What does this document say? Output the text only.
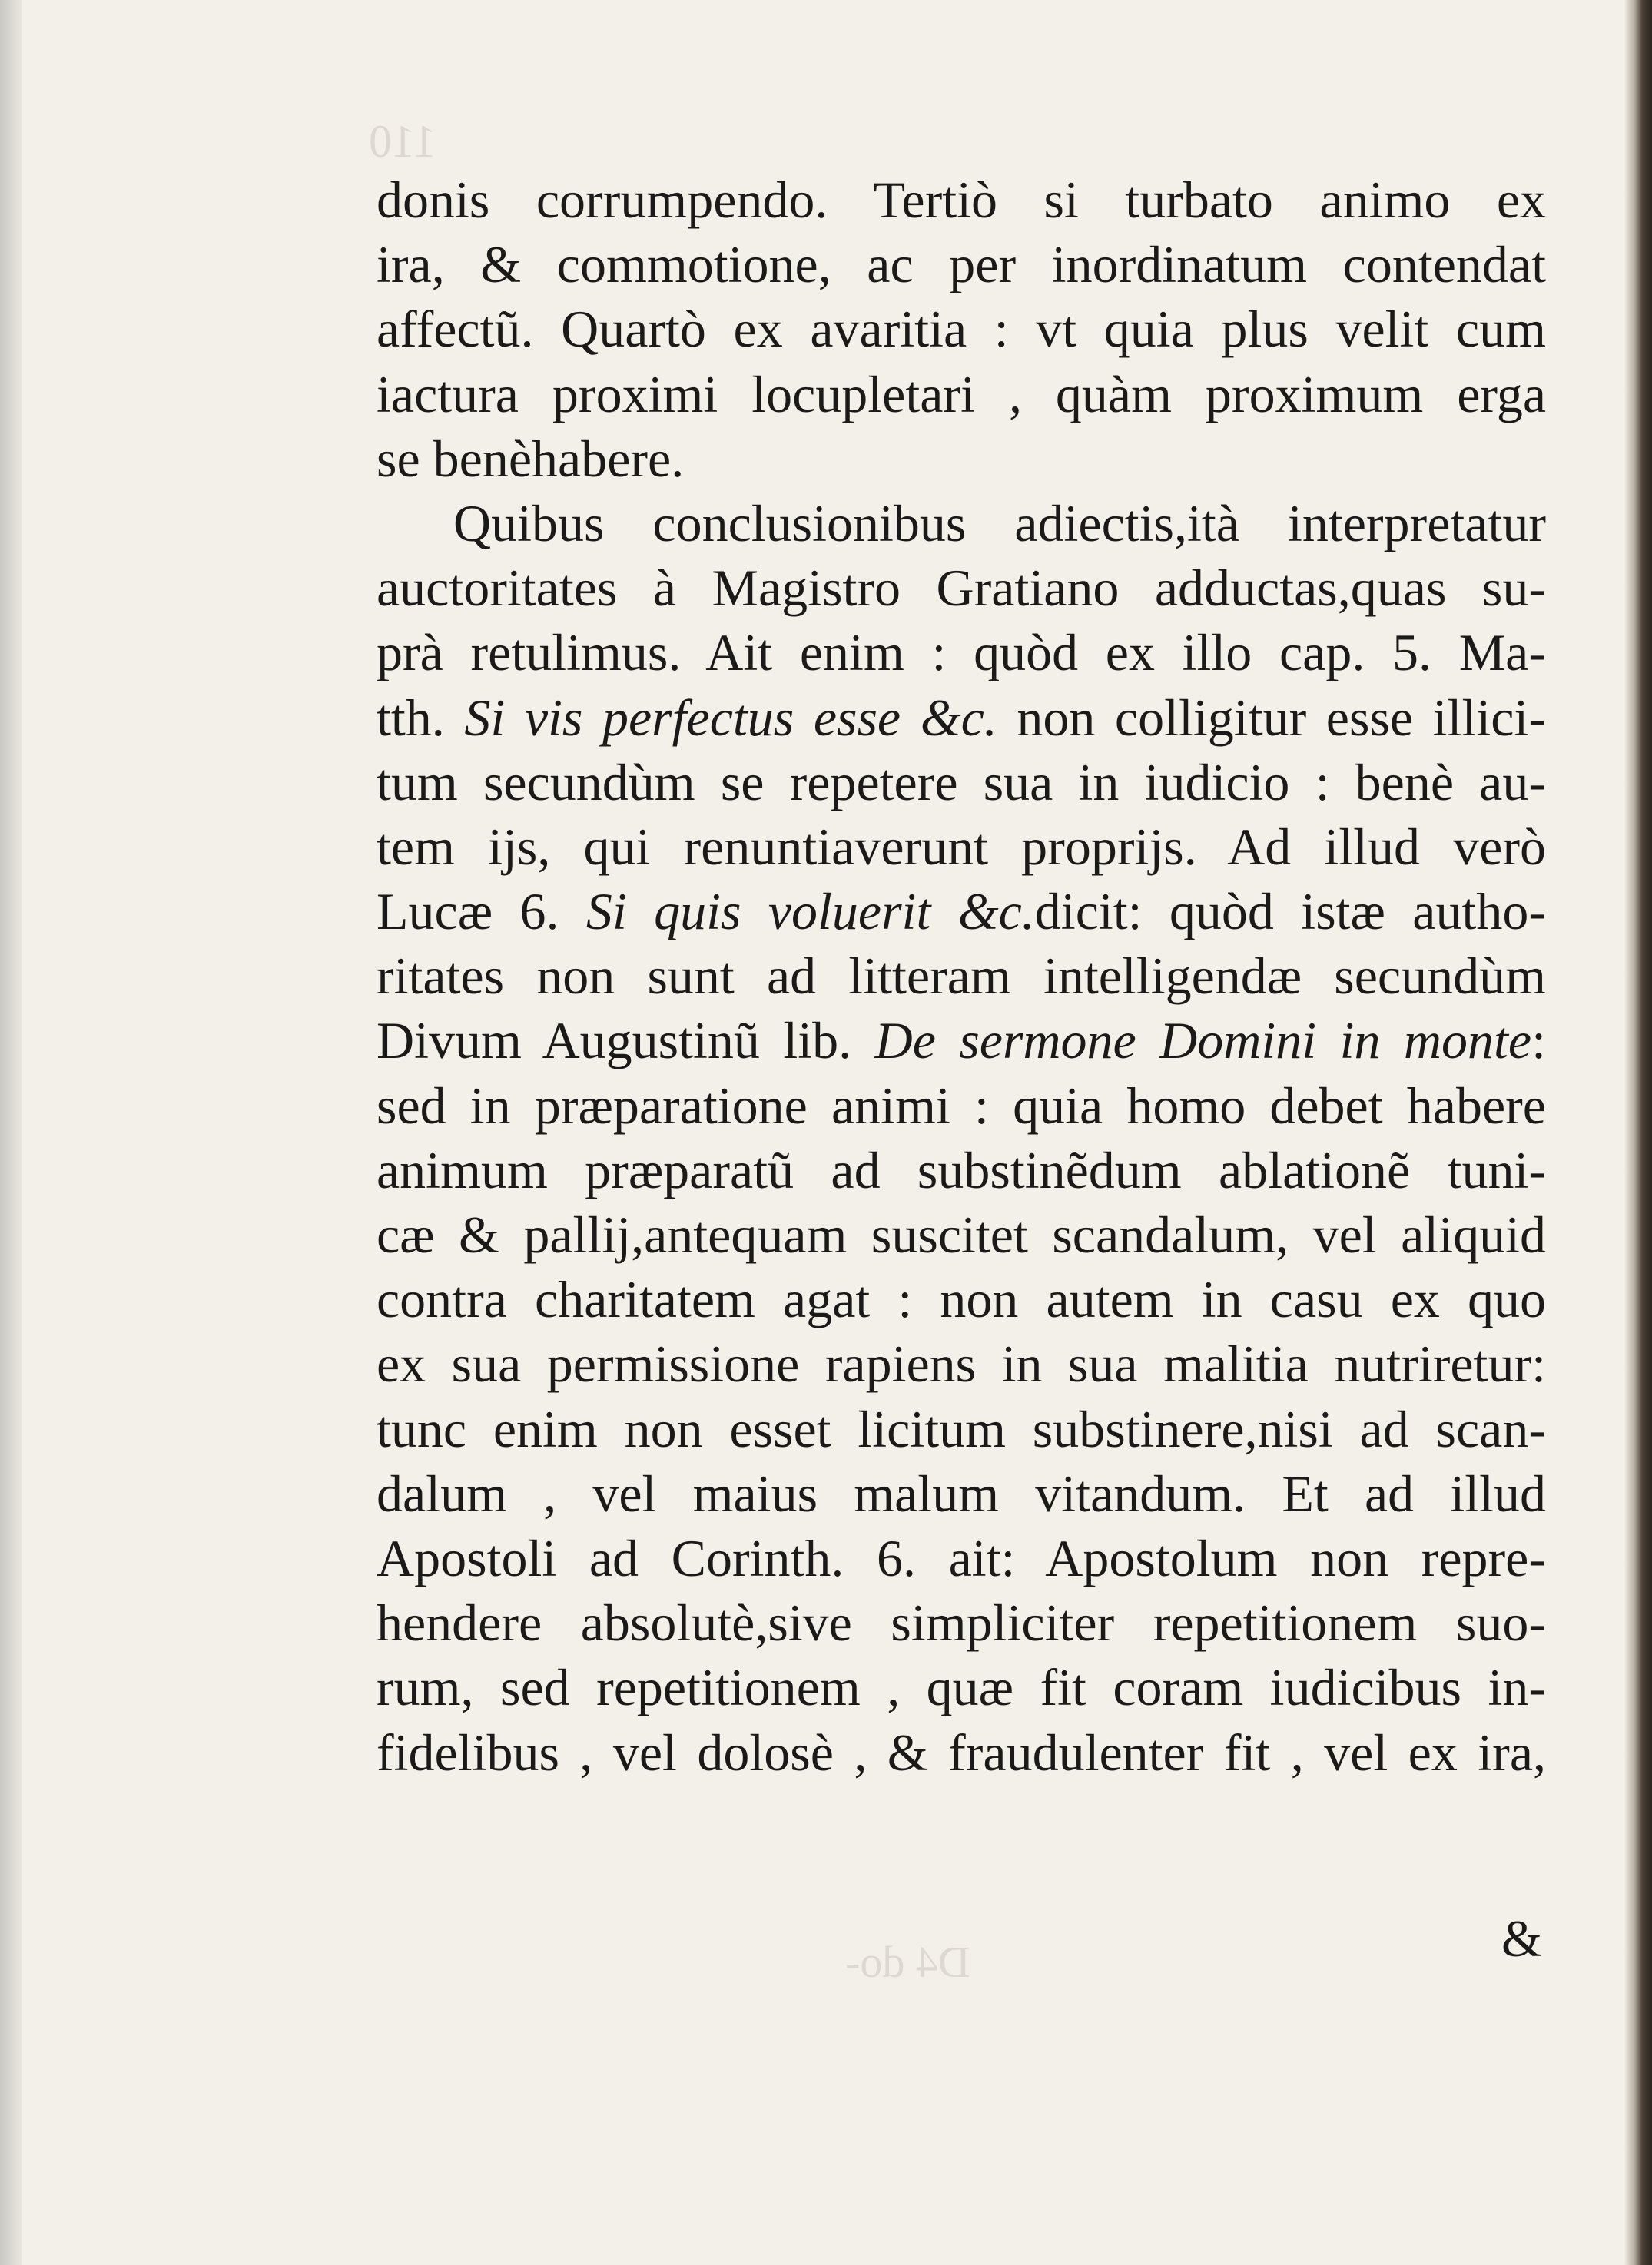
110
D4 do-
donis corrumpendo. Tertiò si turbato animo ex
ira, & commotione, ac per inordinatum contendat
affectũ. Quartò ex avaritia : vt quia plus velit cum
iactura proximi locupletari , quàm proximum erga
se benèhabere.
Quibus conclusionibus adiectis,ità interpretatur
auctoritates à Magistro Gratiano adductas,quas su-
prà retulimus. Ait enim : quòd ex illo cap. 5. Ma-
tth. Si vis perfectus esse &c. non colligitur esse illici-
tum secundùm se repetere sua in iudicio : benè au-
tem ijs, qui renuntiaverunt proprijs. Ad illud verò
Lucæ 6. Si quis voluerit &c.dicit: quòd istæ autho-
ritates non sunt ad litteram intelligendæ secundùm
Divum Augustinũ lib. De sermone Domini in monte:
sed in præparatione animi : quia homo debet habere
animum præparatũ ad substinẽdum ablationẽ tuni-
cæ & pallij,antequam suscitet scandalum, vel aliquid
contra charitatem agat : non autem in casu ex quo
ex sua permissione rapiens in sua malitia nutriretur:
tunc enim non esset licitum substinere,nisi ad scan-
dalum , vel maius malum vitandum. Et ad illud
Apostoli ad Corinth. 6. ait: Apostolum non repre-
hendere absolutè,sive simpliciter repetitionem suo-
rum, sed repetitionem , quæ fit coram iudicibus in-
fidelibus , vel dolosè , & fraudulenter fit , vel ex ira,
&
